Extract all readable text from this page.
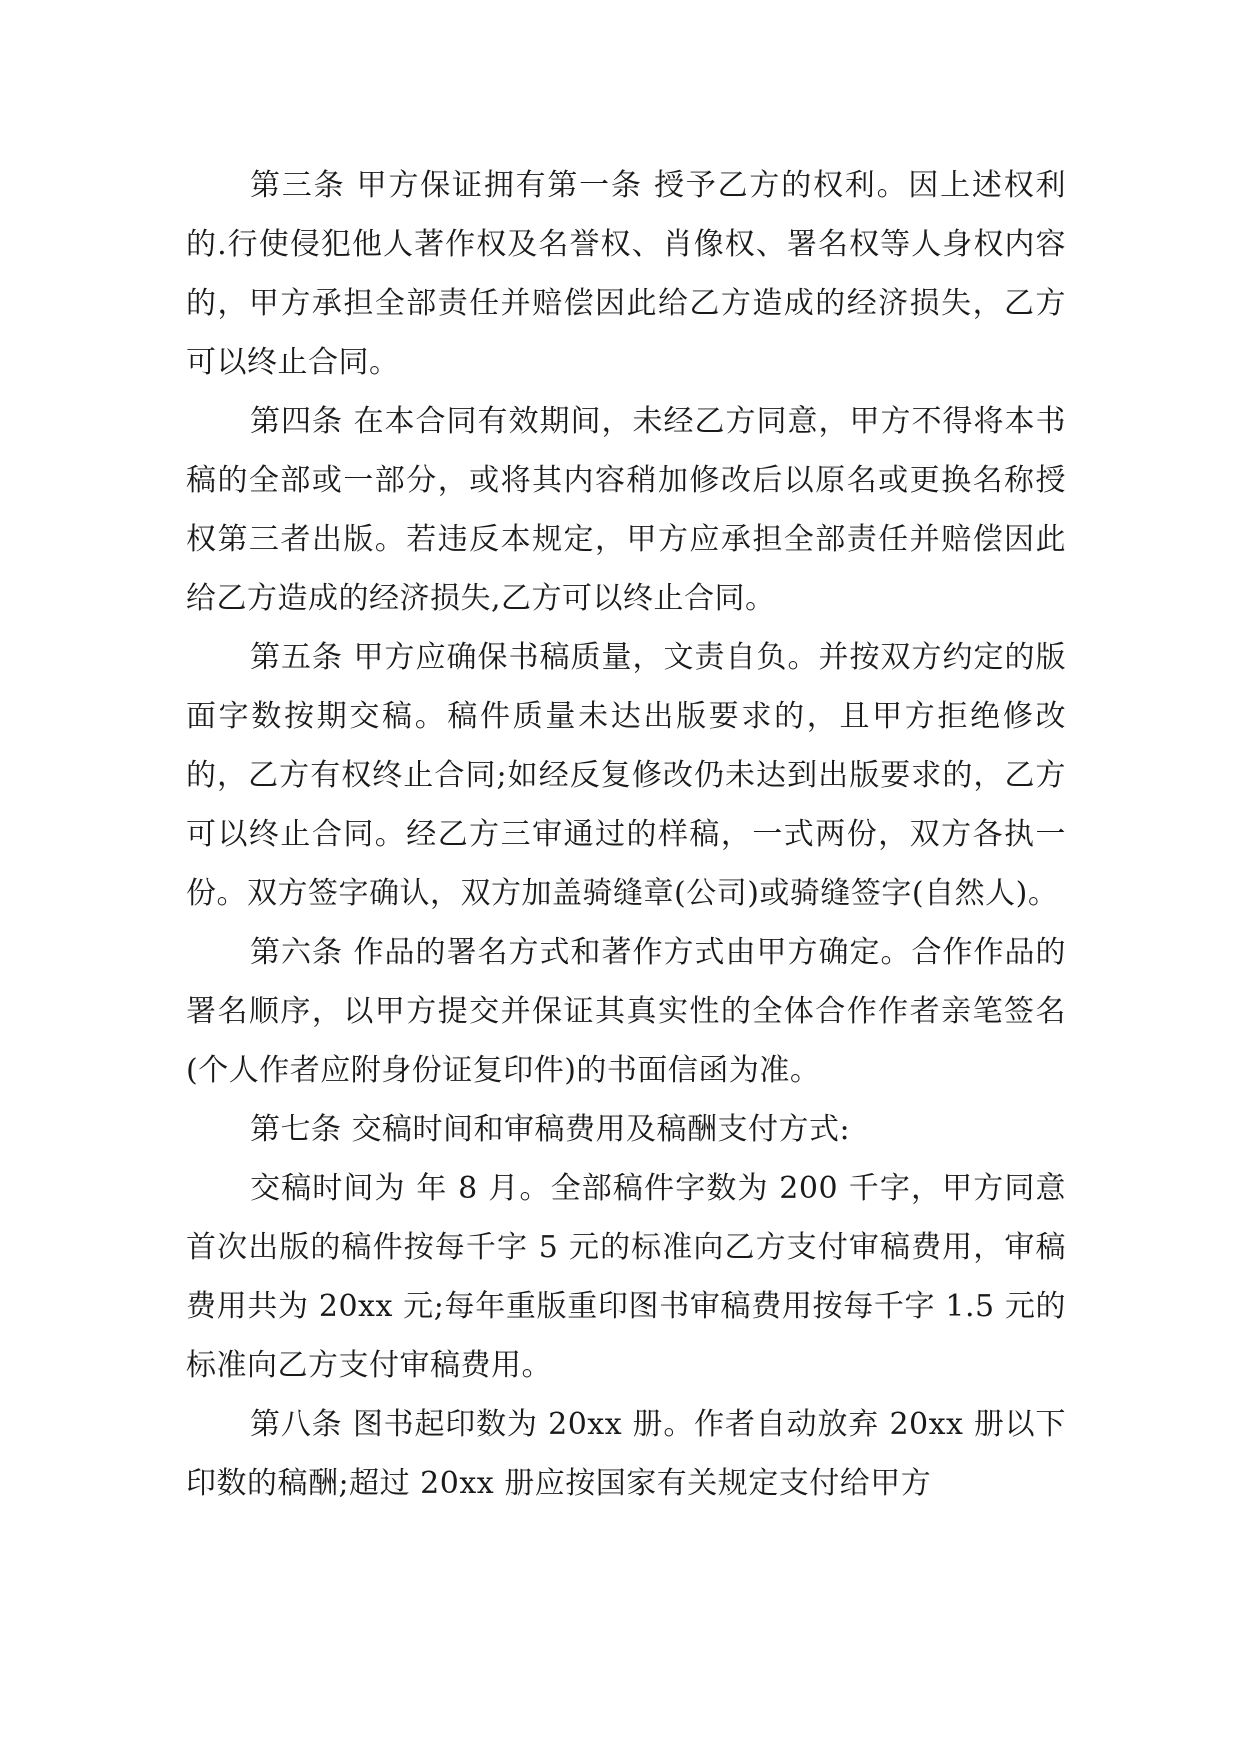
第三条 甲方保证拥有第一条 授予乙方的权利。因上述权利的.行使侵犯他人著作权及名誉权、肖像权、署名权等人身权内容的，甲方承担全部责任并赔偿因此给乙方造成的经济损失，乙方可以终止合同。

第四条 在本合同有效期间，未经乙方同意，甲方不得将本书稿的全部或一部分，或将其内容稍加修改后以原名或更换名称授权第三者出版。若违反本规定，甲方应承担全部责任并赔偿因此给乙方造成的经济损失,乙方可以终止合同。

第五条 甲方应确保书稿质量，文责自负。并按双方约定的版面字数按期交稿。稿件质量未达出版要求的，且甲方拒绝修改的，乙方有权终止合同;如经反复修改仍未达到出版要求的，乙方可以终止合同。经乙方三审通过的样稿，一式两份，双方各执一份。双方签字确认，双方加盖骑缝章(公司)或骑缝签字(自然人)。

第六条 作品的署名方式和著作方式由甲方确定。合作作品的署名顺序，以甲方提交并保证其真实性的全体合作作者亲笔签名(个人作者应附身份证复印件)的书面信函为准。

第七条 交稿时间和审稿费用及稿酬支付方式:

交稿时间为 年 8 月。全部稿件字数为 200 千字，甲方同意首次出版的稿件按每千字 5 元的标准向乙方支付审稿费用，审稿费用共为 20xx 元;每年重版重印图书审稿费用按每千字 1.5 元的标准向乙方支付审稿费用。

第八条 图书起印数为 20xx 册。作者自动放弃 20xx 册以下印数的稿酬;超过 20xx 册应按国家有关规定支付给甲方
